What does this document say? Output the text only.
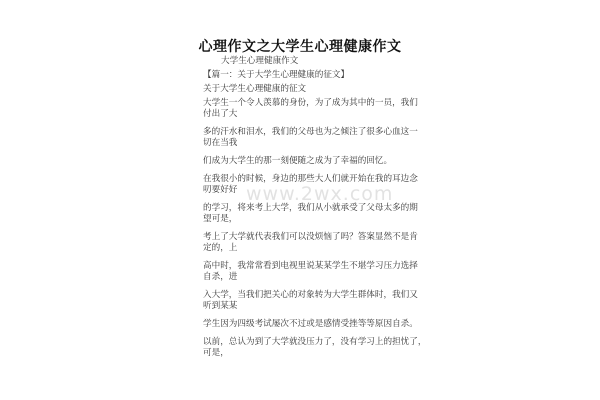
心理作文之大学生心理健康作文
大学生心理健康作文
【篇一：关于大学生心理健康的征文】
关于大学生心理健康的征文
大学生一个令人羡慕的身份，为了成为其中的一员，我们
付出了大
多的汗水和泪水，我们的父母也为之倾注了很多心血这一
切在当我
们成为大学生的那一刻便随之成为了幸福的回忆。
在我很小的时候，身边的那些大人们就开始在我的耳边念
叨要好好
的学习，将来考上大学，我们从小就承受了父母太多的期
望可是，
考上了大学就代表我们可以没烦恼了吗？答案显然不是肯
定的，上
高中时，我常常看到电视里说某某学生不堪学习压力选择
自杀，进
入大学，当我们把关心的对象转为大学生群体时，我们又
听到某某
学生因为四级考试屡次不过或是感情受挫等等原因自杀。
以前，总认为到了大学就没压力了，没有学习上的担忧了，
可是，
www.2wx.com
